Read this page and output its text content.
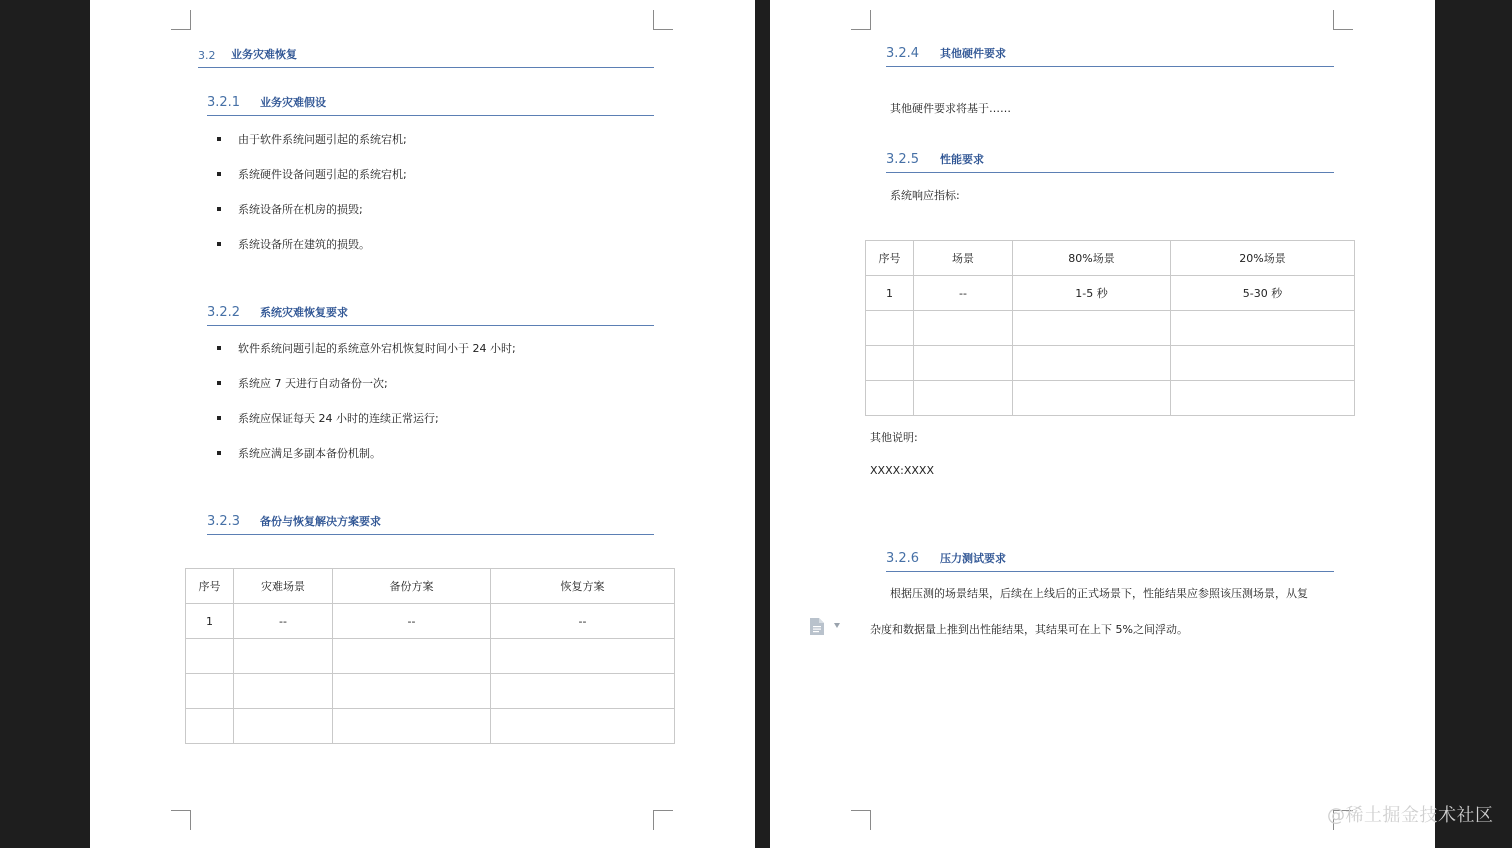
3.2 业务灾难恢复
3.2.1 业务灾难假设
由于软件系统问题引起的系统宕机;
系统硬件设备问题引起的系统宕机;
系统设备所在机房的损毁;
系统设备所在建筑的损毁。
3.2.2 系统灾难恢复要求
软件系统问题引起的系统意外宕机恢复时间小于 24 小时;
系统应 7 天进行自动备份一次;
系统应保证每天 24 小时的连续正常运行;
系统应满足多副本备份机制。
3.2.3 备份与恢复解决方案要求
序号	灾难场景	备份方案	恢复方案
1	--	--	--

3.2.4 其他硬件要求
其他硬件要求将基于……
3.2.5 性能要求
系统响应指标:
序号	场景	80%场景	20%场景
1	--	1-5 秒	5-30 秒

其他说明:
XXXX:XXXX
3.2.6 压力测试要求
根据压测的场景结果，后续在上线后的正式场景下，性能结果应参照该压测场景，从复
杂度和数据量上推到出性能结果，其结果可在上下 5%之间浮动。
@稀土掘金技术社区
